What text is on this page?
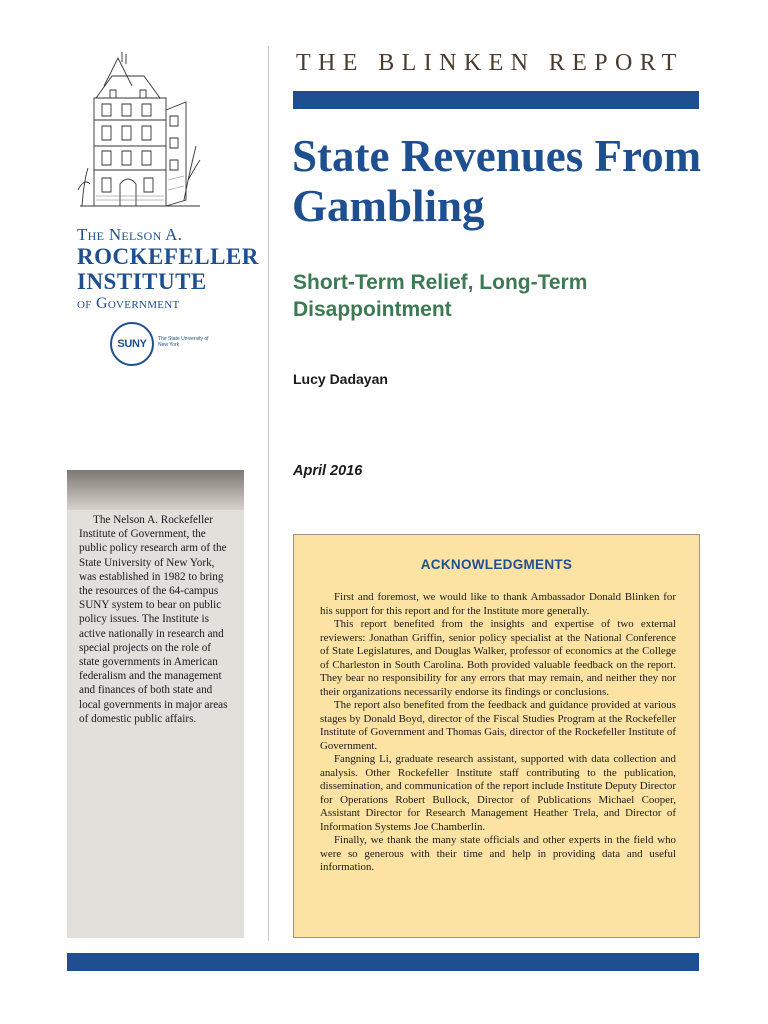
The Nelson A.
ROCKEFELLER
INSTITUTE
of Government
SUNY The State University of New York

The Nelson A. Rockefeller Institute of Government, the public policy research arm of the State University of New York, was established in 1982 to bring the resources of the 64-campus SUNY system to bear on public policy issues. The Institute is active nationally in research and special projects on the role of state governments in American federalism and the management and finances of both state and local governments in major areas of domestic public affairs.

THE BLINKEN REPORT
State Revenues From Gambling
Short-Term Relief, Long-Term Disappointment
Lucy Dadayan
April 2016
ACKNOWLEDGMENTS

First and foremost, we would like to thank Ambassador Donald Blinken for his support for this report and for the Institute more generally.

This report benefited from the insights and expertise of two external reviewers: Jonathan Griffin, senior policy specialist at the National Conference of State Legislatures, and Douglas Walker, professor of economics at the College of Charleston in South Carolina. Both provided valuable feedback on the report. They bear no responsibility for any errors that may remain, and neither they nor their organizations necessarily endorse its findings or conclusions.

The report also benefited from the feedback and guidance provided at various stages by Donald Boyd, director of the Fiscal Studies Program at the Rockefeller Institute of Government and Thomas Gais, director of the Rockefeller Institute of Government.

Fangning Li, graduate research assistant, supported with data collection and analysis. Other Rockefeller Institute staff contributing to the publication, dissemination, and communication of the report include Institute Deputy Director for Operations Robert Bullock, Director of Publications Michael Cooper, Assistant Director for Research Management Heather Trela, and Director of Information Systems Joe Chamberlin.

Finally, we thank the many state officials and other experts in the field who were so generous with their time and help in providing data and useful information.
